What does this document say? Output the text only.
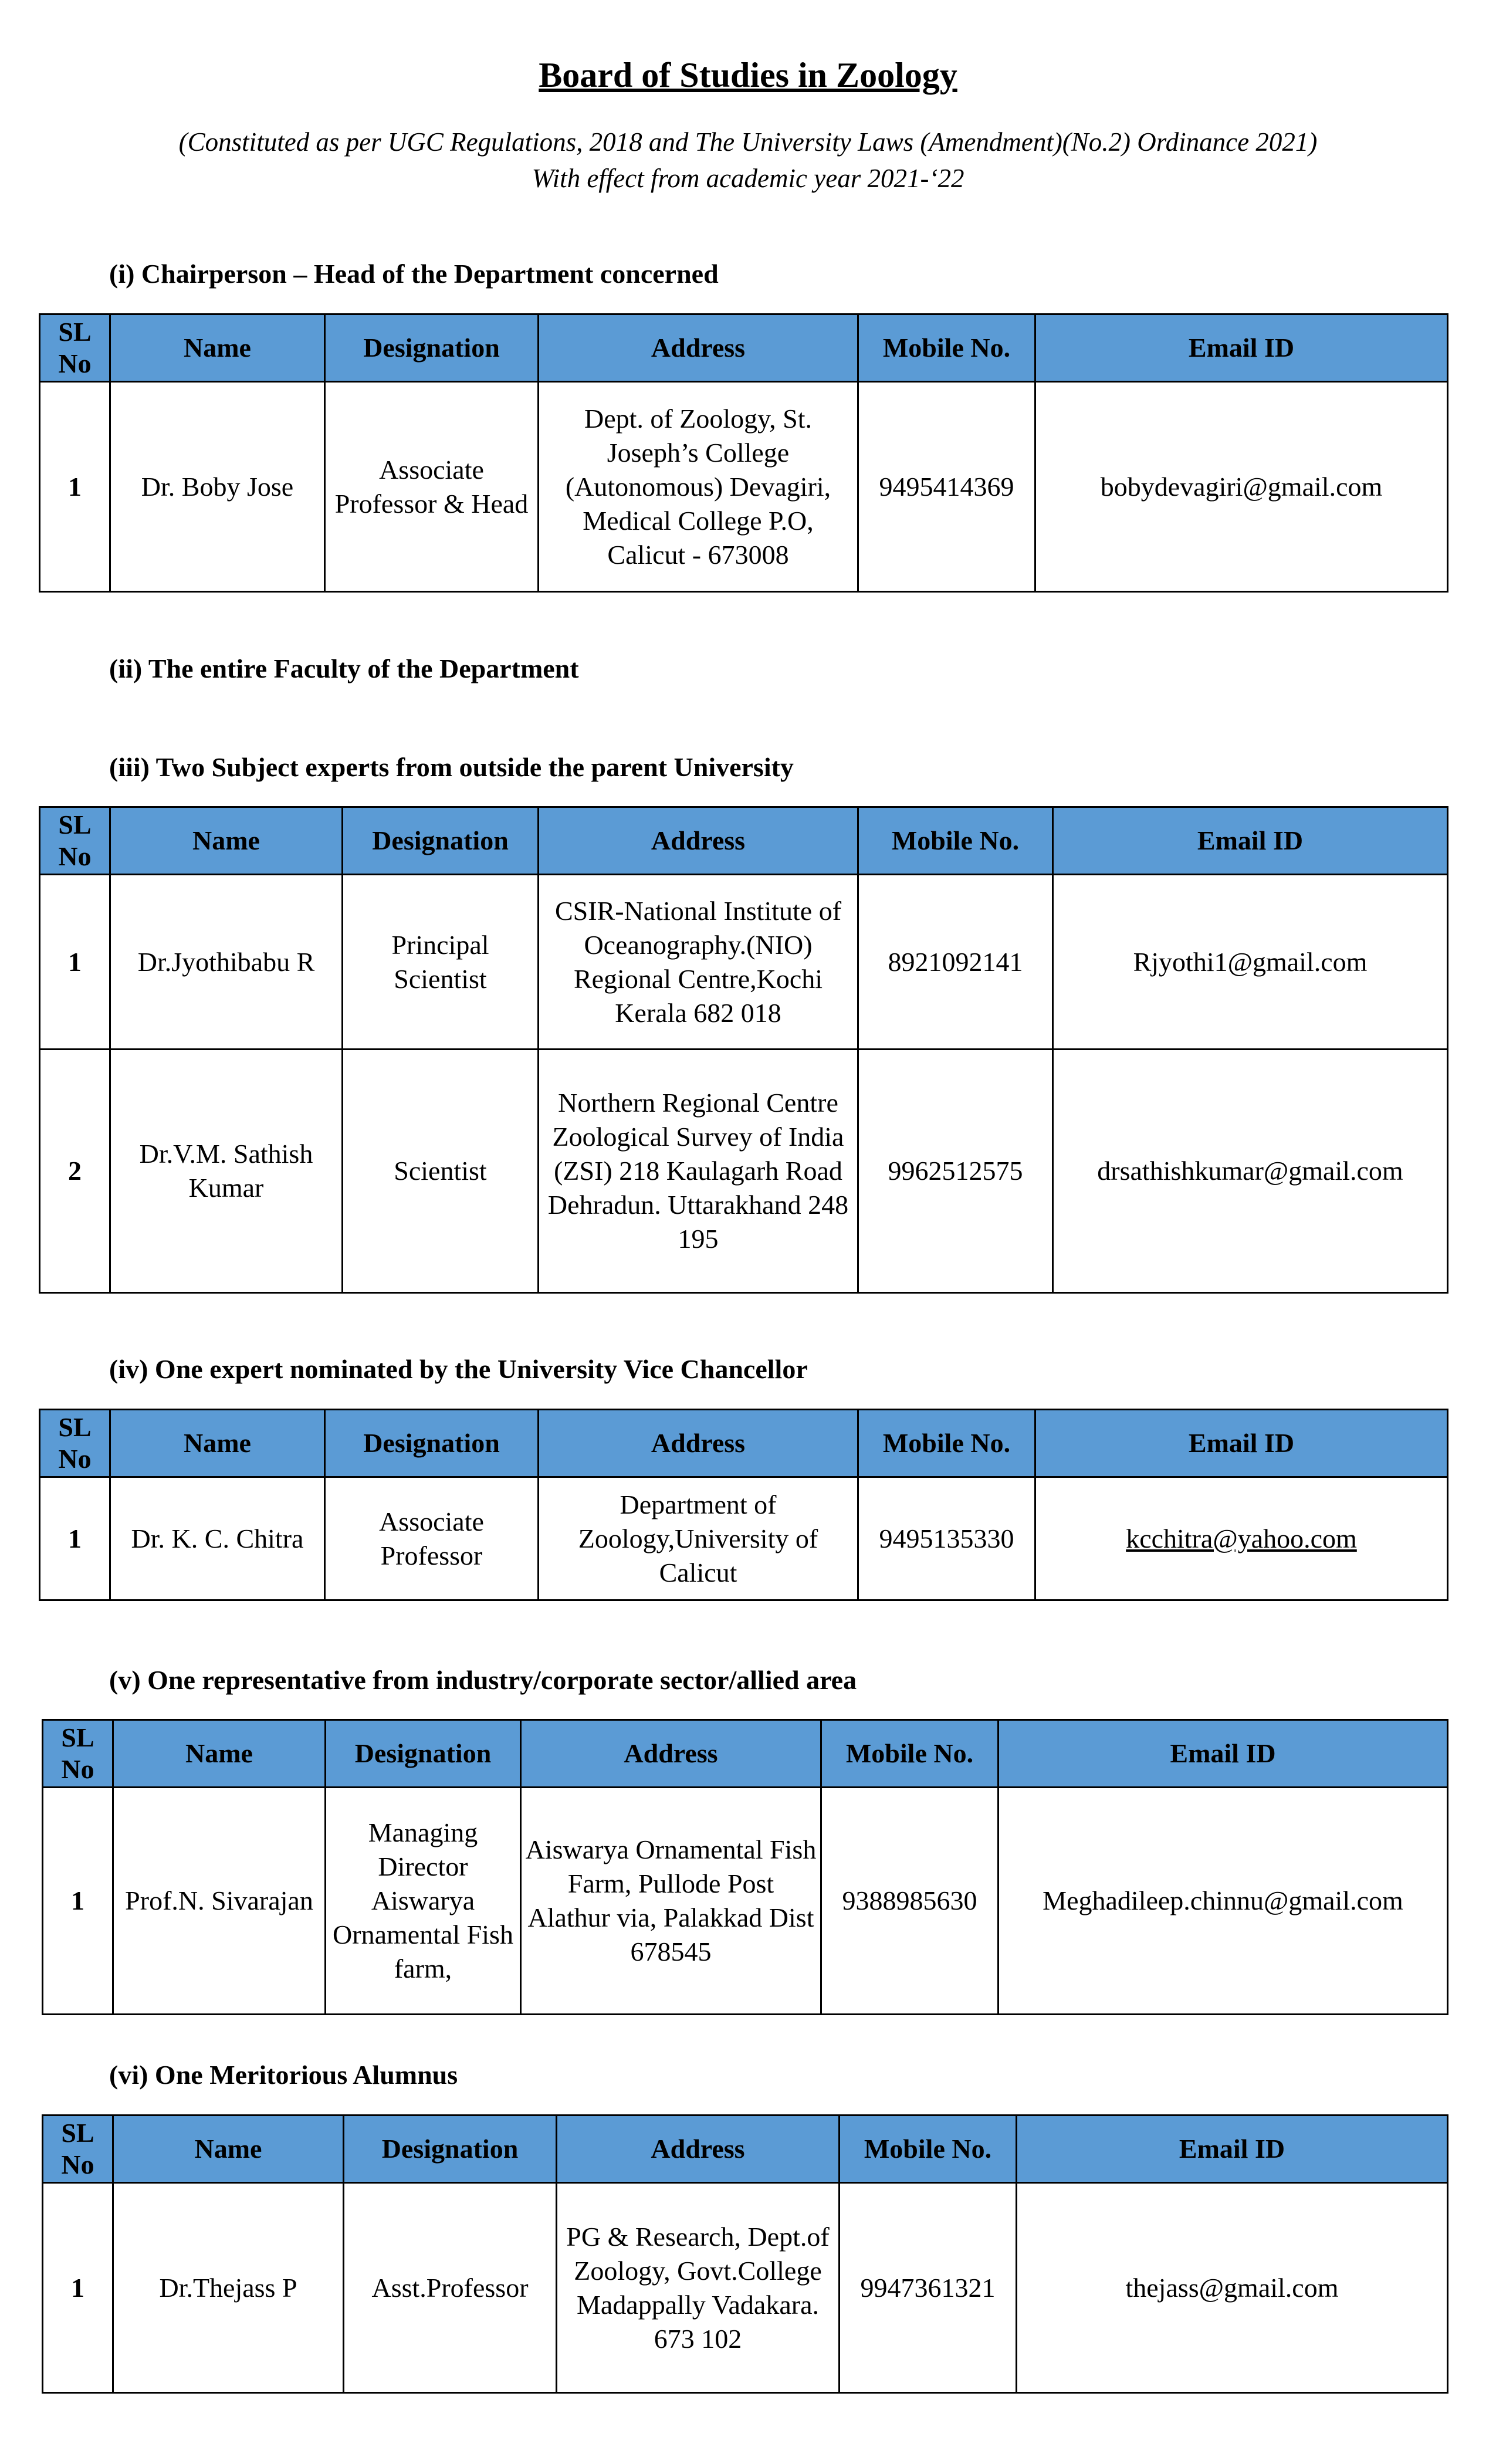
Board of Studies in Zoology
(Constituted as per UGC Regulations, 2018 and The University Laws (Amendment)(No.2) Ordinance 2021)
With effect from academic year 2021-‘22
(i) Chairperson – Head of the Department concerned
SL No	Name	Designation	Address	Mobile No.	Email ID
1	Dr. Boby Jose	Associate Professor & Head	Dept. of Zoology, St. Joseph’s College (Autonomous) Devagiri, Medical College P.O, Calicut - 673008	9495414369	bobydevagiri@gmail.com
(ii) The entire Faculty of the Department
(iii) Two Subject experts from outside the parent University
SL No	Name	Designation	Address	Mobile No.	Email ID
1	Dr.Jyothibabu R	Principal Scientist	CSIR-National Institute of Oceanography.(NIO) Regional Centre,Kochi Kerala 682 018	8921092141	Rjyothi1@gmail.com
2	Dr.V.M. Sathish Kumar	Scientist	Northern Regional Centre Zoological Survey of India (ZSI) 218 Kaulagarh Road Dehradun. Uttarakhand 248 195	9962512575	drsathishkumar@gmail.com
(iv) One expert nominated by the University Vice Chancellor
SL No	Name	Designation	Address	Mobile No.	Email ID
1	Dr. K. C. Chitra	Associate Professor	Department of Zoology,University of Calicut	9495135330	kcchitra@yahoo.com
(v) One representative from industry/corporate sector/allied area
SL No	Name	Designation	Address	Mobile No.	Email ID
1	Prof.N. Sivarajan	Managing Director Aiswarya Ornamental Fish farm,	Aiswarya Ornamental Fish Farm, Pullode Post Alathur via, Palakkad Dist 678545	9388985630	Meghadileep.chinnu@gmail.com
(vi) One Meritorious Alumnus
SL No	Name	Designation	Address	Mobile No.	Email ID
1	Dr.Thejass P	Asst.Professor	PG & Research, Dept.of Zoology, Govt.College Madappally Vadakara. 673 102	9947361321	thejass@gmail.com
